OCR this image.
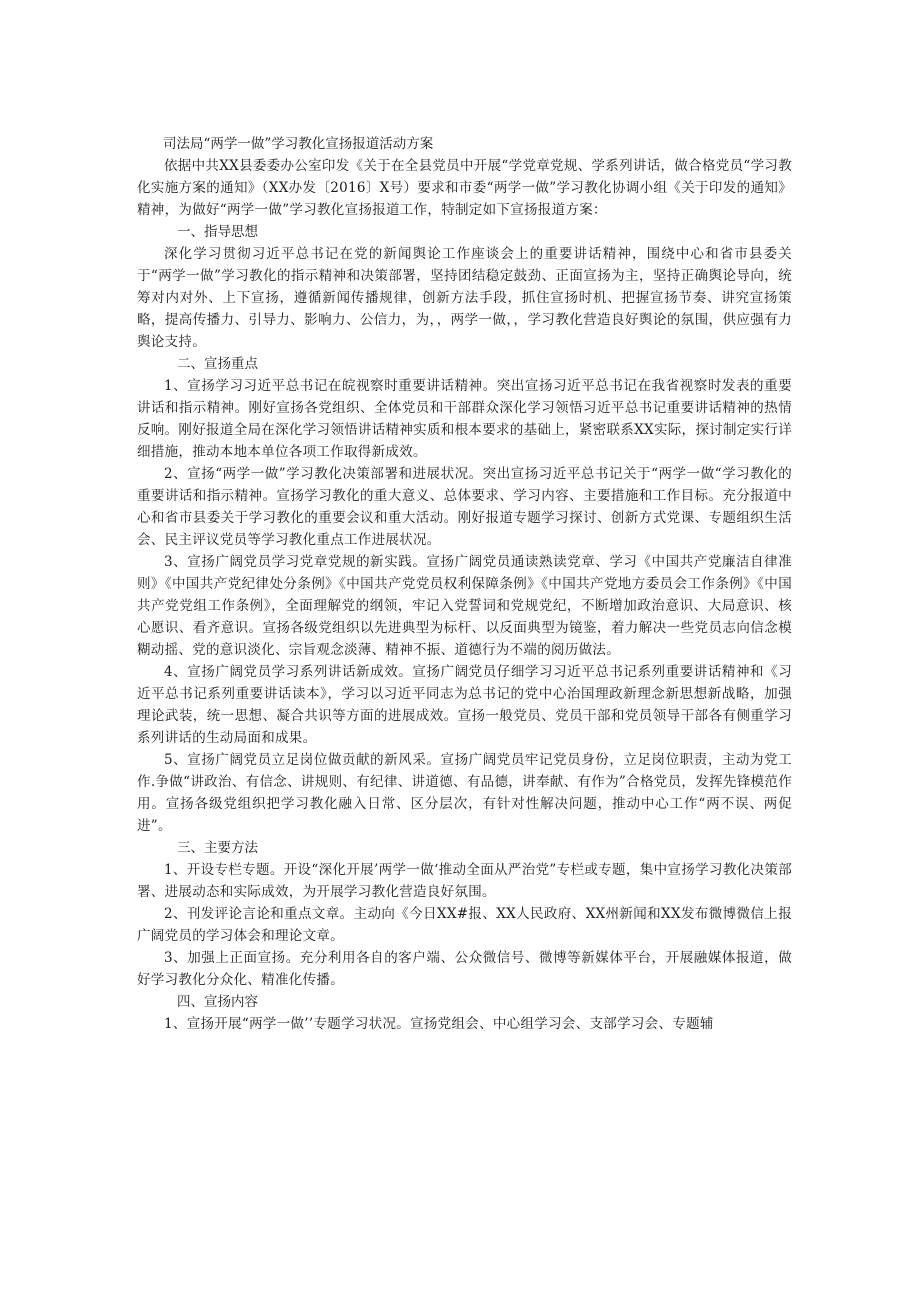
司法局“两学一做”学习教化宣扬报道活动方案

依据中共XX县委委办公室印发《关于在全县党员中开展“学党章党规、学系列讲话，做合格党员“学习教化实施方案的通知》（XX办发〔2016〕X号）要求和市委“两学一做”学习教化协调小组《关于印发的通知》精神，为做好“两学一做”学习教化宣扬报道工作，特制定如下宣扬报道方案：

一、指导思想

深化学习贯彻习近平总书记在党的新闻舆论工作座谈会上的重要讲话精神，围绕中心和省市县委关于“两学一做”学习教化的指示精神和决策部署，坚持团结稳定鼓劲、正面宣扬为主，坚持正确舆论导向，统筹对内对外、上下宣扬，遵循新闻传播规律，创新方法手段，抓住宣扬时机、把握宣扬节奏、讲究宣扬策略，提高传播力、引导力、影响力、公信力，为，，两学一做，，学习教化营造良好舆论的氛围，供应强有力舆论支持。

二、宣扬重点

1、宣扬学习习近平总书记在皖视察时重要讲话精神。突出宣扬习近平总书记在我省视察时发表的重要讲话和指示精神。刚好宣扬各党组织、全体党员和干部群众深化学习领悟习近平总书记重要讲话精神的热情反响。刚好报道全局在深化学习领悟讲话精神实质和根本要求的基础上，紧密联系XX实际，探讨制定实行详细措施，推动本地本单位各项工作取得新成效。

2、宣扬“两学一做”学习教化决策部署和进展状况。突出宣扬习近平总书记关于“两学一做“学习教化的重要讲话和指示精神。宣扬学习教化的重大意义、总体要求、学习内容、主要措施和工作目标。充分报道中心和省市县委关于学习教化的重要会议和重大活动。刚好报道专题学习探讨、创新方式党课、专题组织生活会、民主评议党员等学习教化重点工作进展状况。

3、宣扬广阔党员学习党章党规的新实践。宣扬广阔党员通读熟读党章、学习《中国共产党廉洁自律准则》《中国共产党纪律处分条例》《中国共产党党员权利保障条例》《中国共产党地方委员会工作条例》《中国共产党党组工作条例》，全面理解党的纲领，牢记入党誓词和党规党纪，不断增加政治意识、大局意识、核心愿识、看齐意识。宣扬各级党组织以先进典型为标杆、以反面典型为镜鉴，着力解决一些党员志向信念模糊动摇、党的意识淡化、宗旨观念淡薄、精神不振、道德行为不端的阅历做法。

4、宣扬广阔党员学习系列讲话新成效。宣扬广阔党员仔细学习习近平总书记系列重要讲话精神和《习近平总书记系列重要讲话读本》，学习以习近平同志为总书记的党中心治国理政新理念新思想新战略，加强理论武装，统一思想、凝合共识等方面的进展成效。宣扬一般党员、党员干部和党员领导干部各有侧重学习系列讲话的生动局面和成果。

5、宣扬广阔党员立足岗位做贡献的新风采。宣扬广阔党员牢记党员身份，立足岗位职责，主动为党工作.争做“讲政治、有信念、讲规则、有纪律、讲道德、有品德，讲奉献、有作为”合格党员，发挥先锋模范作用。宣扬各级党组织把学习教化融入日常、区分层次，有针对性解决问题，推动中心工作“两不误、两促进”。

三、主要方法

1、开设专栏专题。开设“深化开展’两学一做‘推动全面从严治党”专栏或专题，集中宣扬学习教化决策部署、进展动态和实际成效，为开展学习教化营造良好氛围。

2、刊发评论言论和重点文章。主动向《今日XX#报、XX人民政府、XX州新闻和XX发布微博微信上报广阔党员的学习体会和理论文章。

3、加强上正面宣扬。充分利用各自的客户端、公众微信号、微博等新媒体平台，开展融媒体报道，做好学习教化分众化、精准化传播。

四、宣扬内容

1、宣扬开展“两学一做’’专题学习状况。宣扬党组会、中心组学习会、支部学习会、专题辅
